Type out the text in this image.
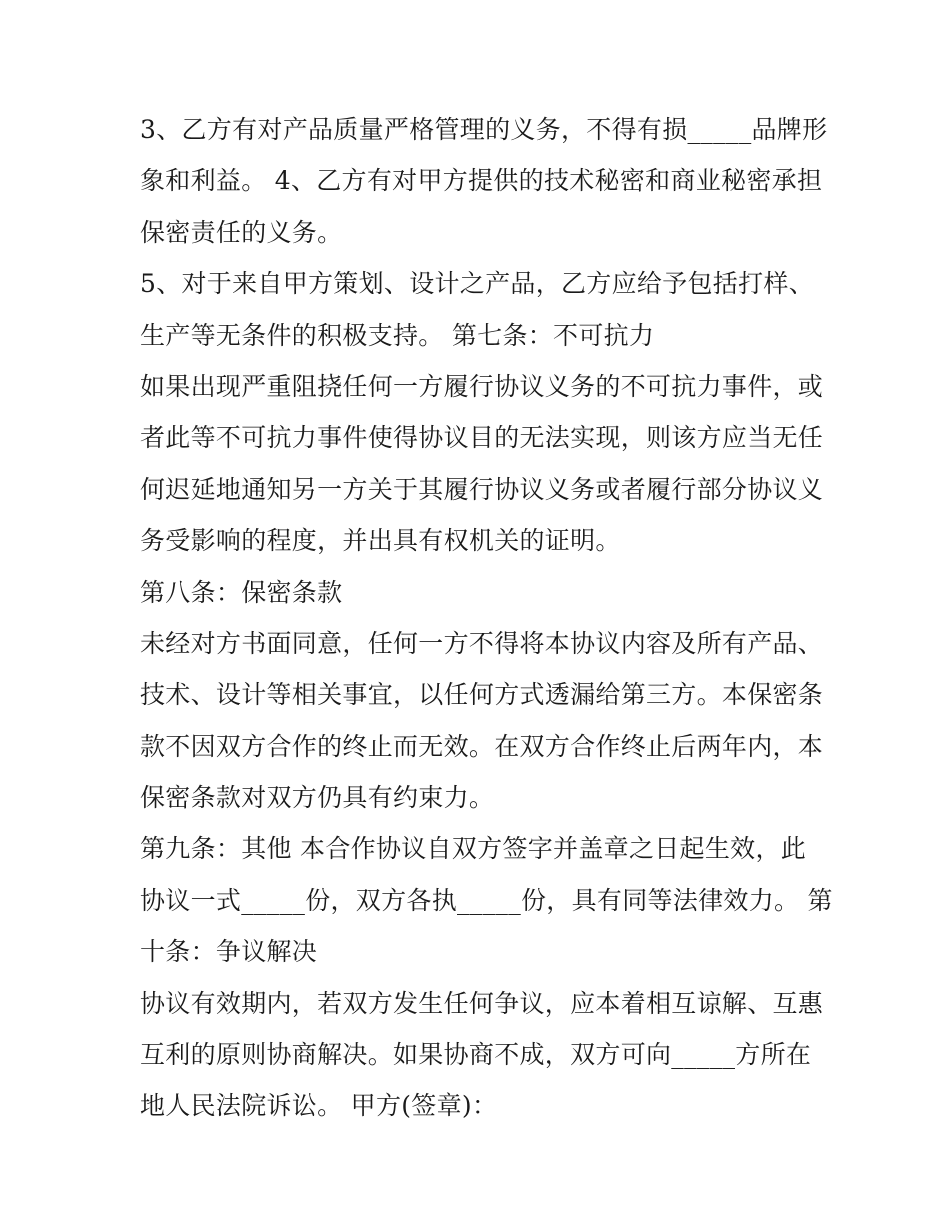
3、乙方有对产品质量严格管理的义务，不得有损_____品牌形
象和利益。 4、乙方有对甲方提供的技术秘密和商业秘密承担
保密责任的义务。
5、对于来自甲方策划、设计之产品，乙方应给予包括打样、
生产等无条件的积极支持。 第七条：不可抗力
如果出现严重阻挠任何一方履行协议义务的不可抗力事件，或
者此等不可抗力事件使得协议目的无法实现，则该方应当无任
何迟延地通知另一方关于其履行协议义务或者履行部分协议义
务受影响的程度，并出具有权机关的证明。
第八条：保密条款
未经对方书面同意，任何一方不得将本协议内容及所有产品、
技术、设计等相关事宜，以任何方式透漏给第三方。本保密条
款不因双方合作的终止而无效。在双方合作终止后两年内，本
保密条款对双方仍具有约束力。
第九条：其他 本合作协议自双方签字并盖章之日起生效，此
协议一式_____份，双方各执_____份，具有同等法律效力。 第
十条：争议解决
协议有效期内，若双方发生任何争议，应本着相互谅解、互惠
互利的原则协商解决。如果协商不成，双方可向_____方所在
地人民法院诉讼。 甲方(签章)：
